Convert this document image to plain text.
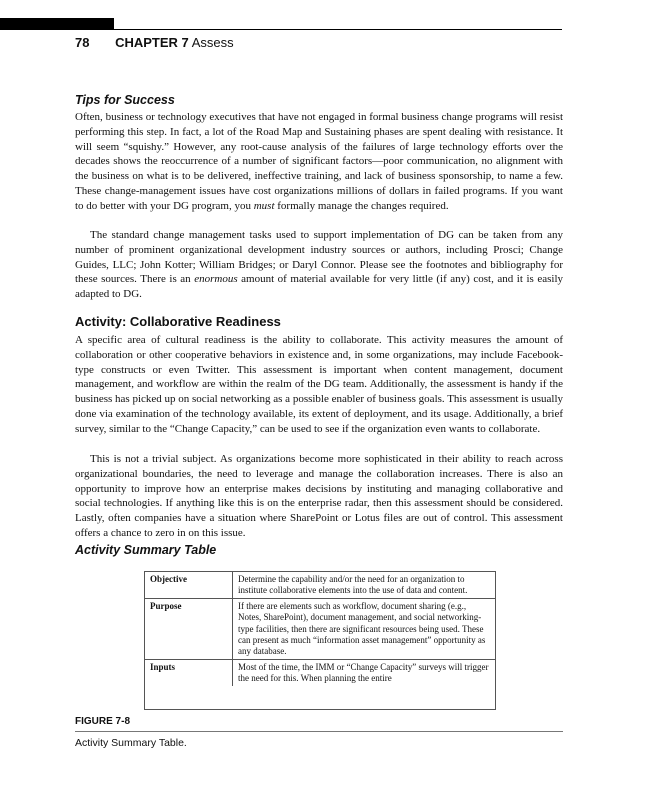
78 CHAPTER 7 Assess
Tips for Success

Often, business or technology executives that have not engaged in formal business change programs will resist performing this step. In fact, a lot of the Road Map and Sustaining phases are spent dealing with resistance. It will seem “squishy.” However, any root-cause analysis of the failures of large technology efforts over the decades shows the reoccurrence of a number of significant factors—poor communication, no alignment with the business on what is to be delivered, ineffective training, and lack of business sponsorship, to name a few. These change-management issues have cost organizations millions of dollars in failed programs. If you want to do better with your DG program, you must formally manage the changes required.

The standard change management tasks used to support implementation of DG can be taken from any number of prominent organizational development industry sources or authors, including Prosci; Change Guides, LLC; John Kotter; William Bridges; or Daryl Connor. Please see the footnotes and bibliography for these sources. There is an enormous amount of material available for very little (if any) cost, and it is easily adapted to DG.

Activity: Collaborative Readiness

A specific area of cultural readiness is the ability to collaborate. This activity measures the amount of collaboration or other cooperative behaviors in existence and, in some organizations, may include Facebook-type constructs or even Twitter. This assessment is important when content management, document management, and workflow are within the realm of the DG team. Additionally, the assessment is handy if the business has picked up on social networking as a possible enabler of business goals. This assessment is usually done via examination of the technology available, its extent of deployment, and its usage. Additionally, a brief survey, similar to the “Change Capacity,” can be used to see if the organization even wants to collaborate.

This is not a trivial subject. As organizations become more sophisticated in their ability to reach across organizational boundaries, the need to leverage and manage the collaboration increases. There is also an opportunity to improve how an enterprise makes decisions by instituting and managing collaborative and social technologies. If anything like this is on the enterprise radar, then this assessment should be considered. Lastly, often companies have a situation where SharePoint or Lotus files are out of control. This assessment offers a chance to zero in on this issue.

Activity Summary Table
Objective	Determine the capability and/or the need for an organization to institute collaborative elements into the use of data and content.
Purpose	If there are elements such as workflow, document sharing (e.g., Notes, SharePoint), document management, and social networking-type facilities, then there are significant resources being used. These can present as much “information asset management” opportunity as any database.
Inputs	Most of the time, the IMM or “Change Capacity” surveys will trigger the need for this. When planning the entire
FIGURE 7-8
Activity Summary Table.
